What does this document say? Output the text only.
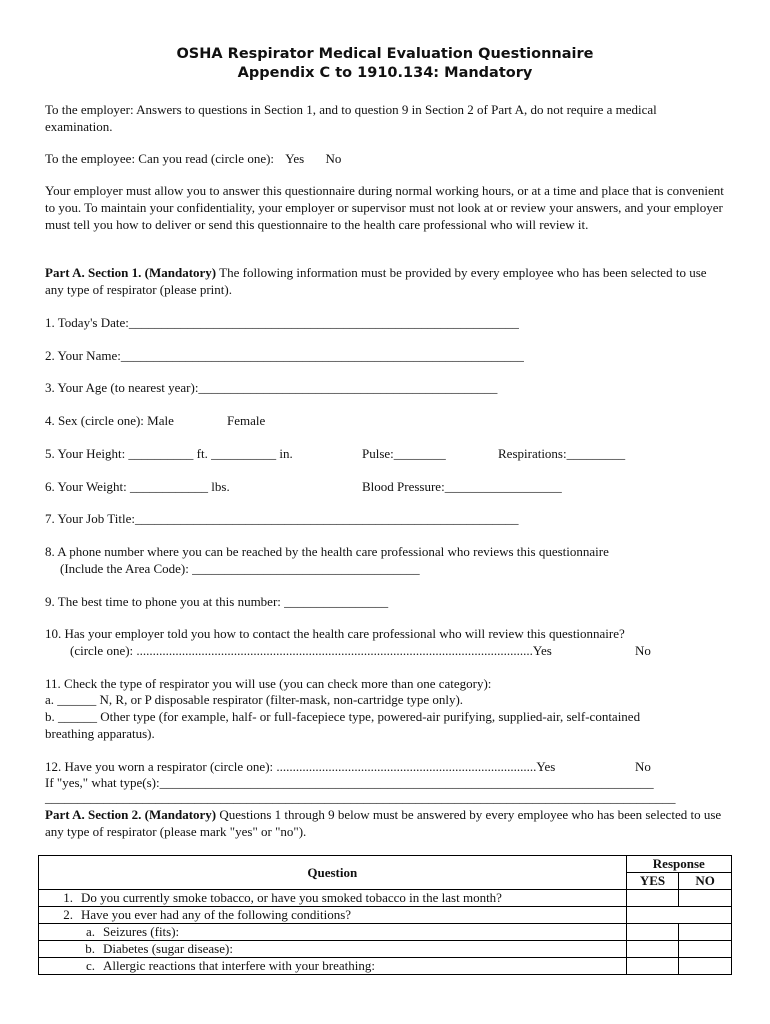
OSHA Respirator Medical Evaluation Questionnaire
Appendix C to 1910.134: Mandatory
To the employer: Answers to questions in Section 1, and to question 9 in Section 2 of Part A, do not require a medical examination.
To the employee: Can you read (circle one): Yes No
Your employer must allow you to answer this questionnaire during normal working hours, or at a time and place that is convenient to you. To maintain your confidentiality, your employer or supervisor must not look at or review your answers, and your employer must tell you how to deliver or send this questionnaire to the health care professional who will review it.
Part A. Section 1. (Mandatory) The following information must be provided by every employee who has been selected to use any type of respirator (please print).
1. Today's Date:____________________________________________________________
2. Your Name:______________________________________________________________
3. Your Age (to nearest year):______________________________________________
4. Sex (circle one): Male	Female
5. Your Height: __________ ft. __________ in.	Pulse:________	Respirations:_________
6. Your Weight: ____________ lbs.	Blood Pressure:__________________
7. Your Job Title:___________________________________________________________
8. A phone number where you can be reached by the health care professional who reviews this questionnaire
(Include the Area Code): ___________________________________
9. The best time to phone you at this number: ________________
10. Has your employer told you how to contact the health care professional who will review this questionnaire?
(circle one): ..........................................................................................................................Yes	No
11. Check the type of respirator you will use (you can check more than one category):
a. ______ N, R, or P disposable respirator (filter-mask, non-cartridge type only).
b. ______ Other type (for example, half- or full-facepiece type, powered-air purifying, supplied-air, self-contained
breathing apparatus).
12. Have you worn a respirator (circle one): ................................................................................Yes	No
If "yes," what type(s):____________________________________________________________________________
_________________________________________________________________________________________________
Part A. Section 2. (Mandatory) Questions 1 through 9 below must be answered by every employee who has been selected to use any type of respirator (please mark "yes" or "no").
Question	Response	
	YES	NO
1. Do you currently smoke tobacco, or have you smoked tobacco in the last month?		
2. Have you ever had any of the following conditions?		
a. Seizures (fits):		
b. Diabetes (sugar disease):		
c. Allergic reactions that interfere with your breathing:		
